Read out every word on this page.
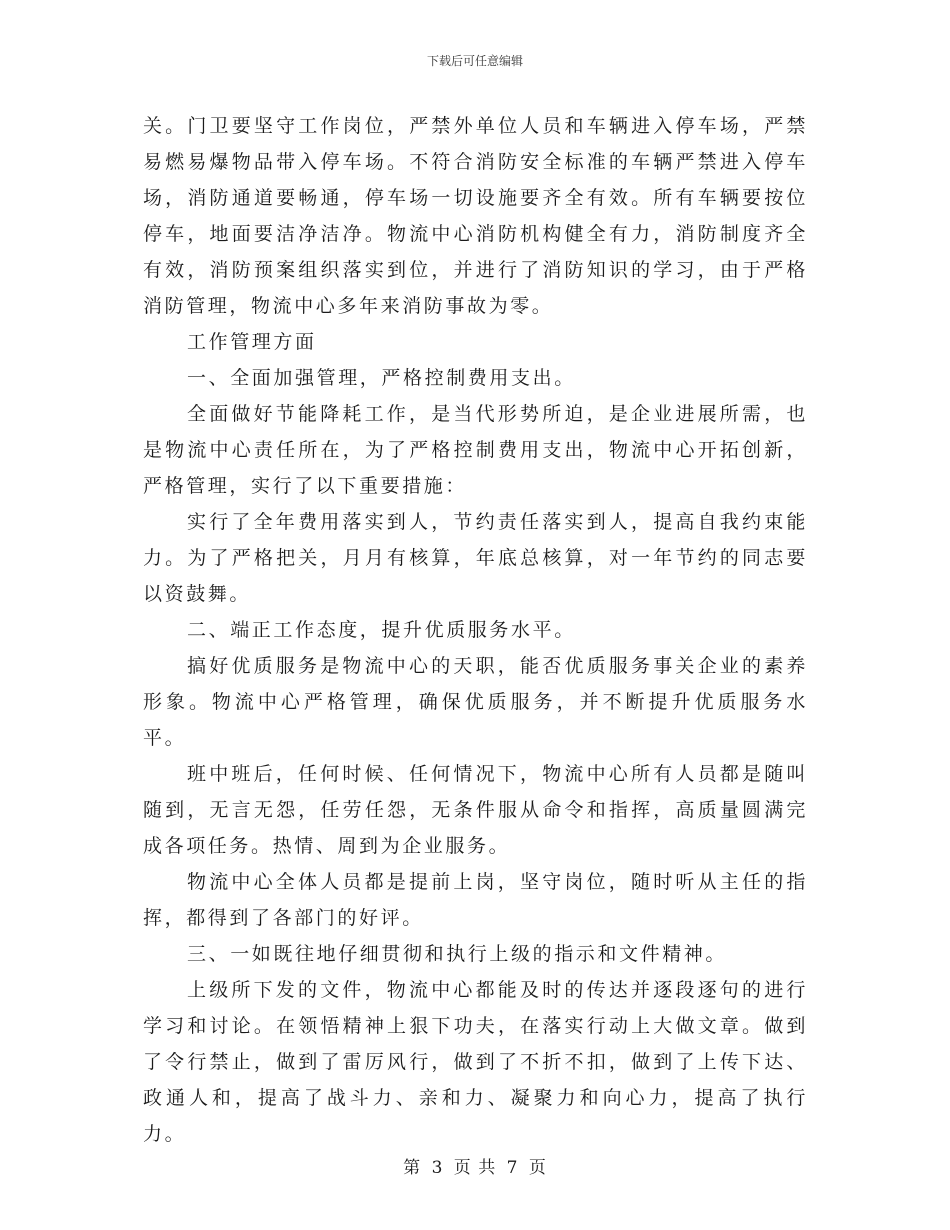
下载后可任意编辑

关。门卫要坚守工作岗位，严禁外单位人员和车辆进入停车场，严禁易燃易爆物品带入停车场。不符合消防安全标准的车辆严禁进入停车场，消防通道要畅通，停车场一切设施要齐全有效。所有车辆要按位停车，地面要洁净洁净。物流中心消防机构健全有力，消防制度齐全有效，消防预案组织落实到位，并进行了消防知识的学习，由于严格消防管理，物流中心多年来消防事故为零。

工作管理方面

一、全面加强管理，严格控制费用支出。

全面做好节能降耗工作，是当代形势所迫，是企业进展所需，也是物流中心责任所在，为了严格控制费用支出，物流中心开拓创新，严格管理，实行了以下重要措施：

实行了全年费用落实到人，节约责任落实到人，提高自我约束能力。为了严格把关，月月有核算，年底总核算，对一年节约的同志要以资鼓舞。

二、端正工作态度，提升优质服务水平。

搞好优质服务是物流中心的天职，能否优质服务事关企业的素养形象。物流中心严格管理，确保优质服务，并不断提升优质服务水平。

班中班后，任何时候、任何情况下，物流中心所有人员都是随叫随到，无言无怨，任劳任怨，无条件服从命令和指挥，高质量圆满完成各项任务。热情、周到为企业服务。

物流中心全体人员都是提前上岗，坚守岗位，随时听从主任的指挥，都得到了各部门的好评。

三、一如既往地仔细贯彻和执行上级的指示和文件精神。

上级所下发的文件，物流中心都能及时的传达并逐段逐句的进行学习和讨论。在领悟精神上狠下功夫，在落实行动上大做文章。做到了令行禁止，做到了雷厉风行，做到了不折不扣，做到了上传下达、政通人和，提高了战斗力、亲和力、凝聚力和向心力，提高了执行力。

第 3 页 共 7 页
